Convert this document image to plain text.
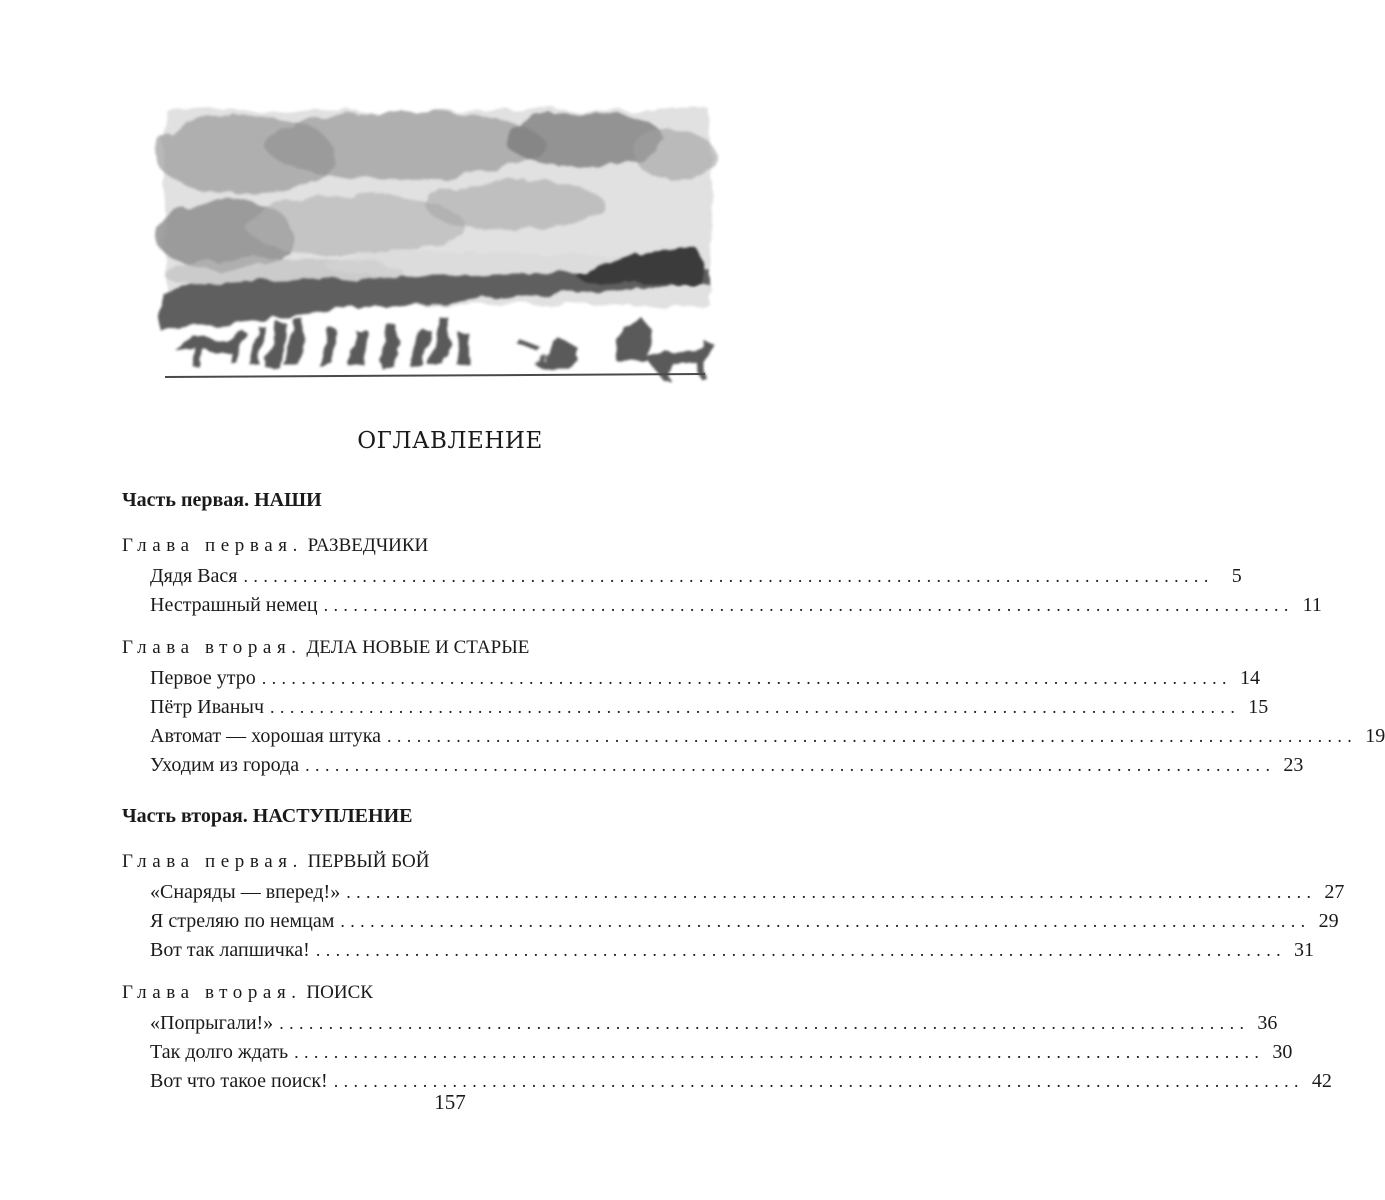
ОГЛАВЛЕНИЕ
Часть первая. НАШИ
Глава первая. РАЗВЕДЧИКИ
Дядя Вася .................................................................................................. 5
Нестрашный немец .................................................................................................. 11
Глава вторая. ДЕЛА НОВЫЕ И СТАРЫЕ
Первое утро .................................................................................................. 14
Пётр Иваныч .................................................................................................. 15
Автомат — хорошая штука .................................................................................................. 19
Уходим из города .................................................................................................. 23
Часть вторая. НАСТУПЛЕНИЕ
Глава первая. ПЕРВЫЙ БОЙ
«Снаряды — вперед!» .................................................................................................. 27
Я стреляю по немцам .................................................................................................. 29
Вот так лапшичка! .................................................................................................. 31
Глава вторая. ПОИСК
«Попрыгали!» .................................................................................................. 36
Так долго ждать .................................................................................................. 30
Вот что такое поиск! .................................................................................................. 42
157
